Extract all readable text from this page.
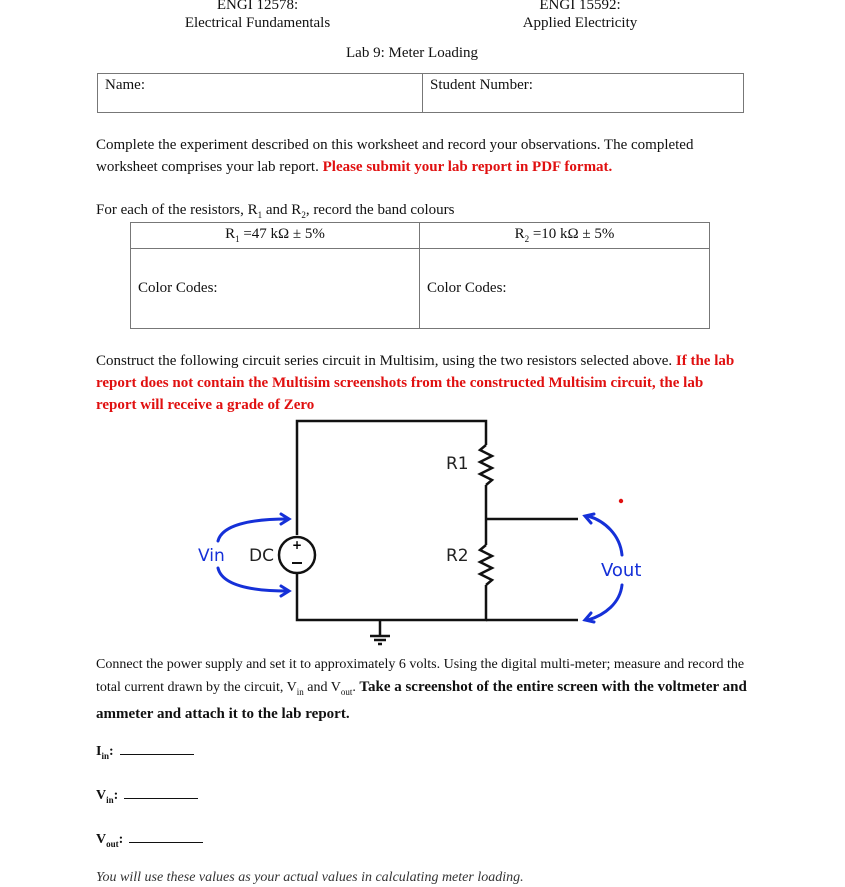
ENGI 12578:
Electrical Fundamentals
ENGI 15592:
Applied Electricity
Lab 9: Meter Loading
Name:	Student Number:
Complete the experiment described on this worksheet and record your observations. The completed worksheet comprises your lab report. Please submit your lab report in PDF format.
For each of the resistors, $R_1$ and $R_2$, record the band colours
$R_1 =47$ kΩ ± 5%	$R_2 =10$ kΩ ± 5%
Color Codes:	Color Codes:
Construct the following circuit series circuit in Multisim, using the two resistors selected above. If the lab report does not contain the Multisim screenshots from the constructed Multisim circuit, the lab report will receive a grade of Zero
+
R1
R2
Vin DC
Vout
Connect the power supply and set it to approximately 6 volts. Using the digital multi-meter; measure and record the total current drawn by the circuit, $V_{in}$ and $V_{out}$. Take a screenshot of the entire screen with the voltmeter and ammeter and attach it to the lab report.
$I_{in}$:
$V_{in}$:
$V_{out}$:
You will use these values as your actual values in calculating meter loading.
